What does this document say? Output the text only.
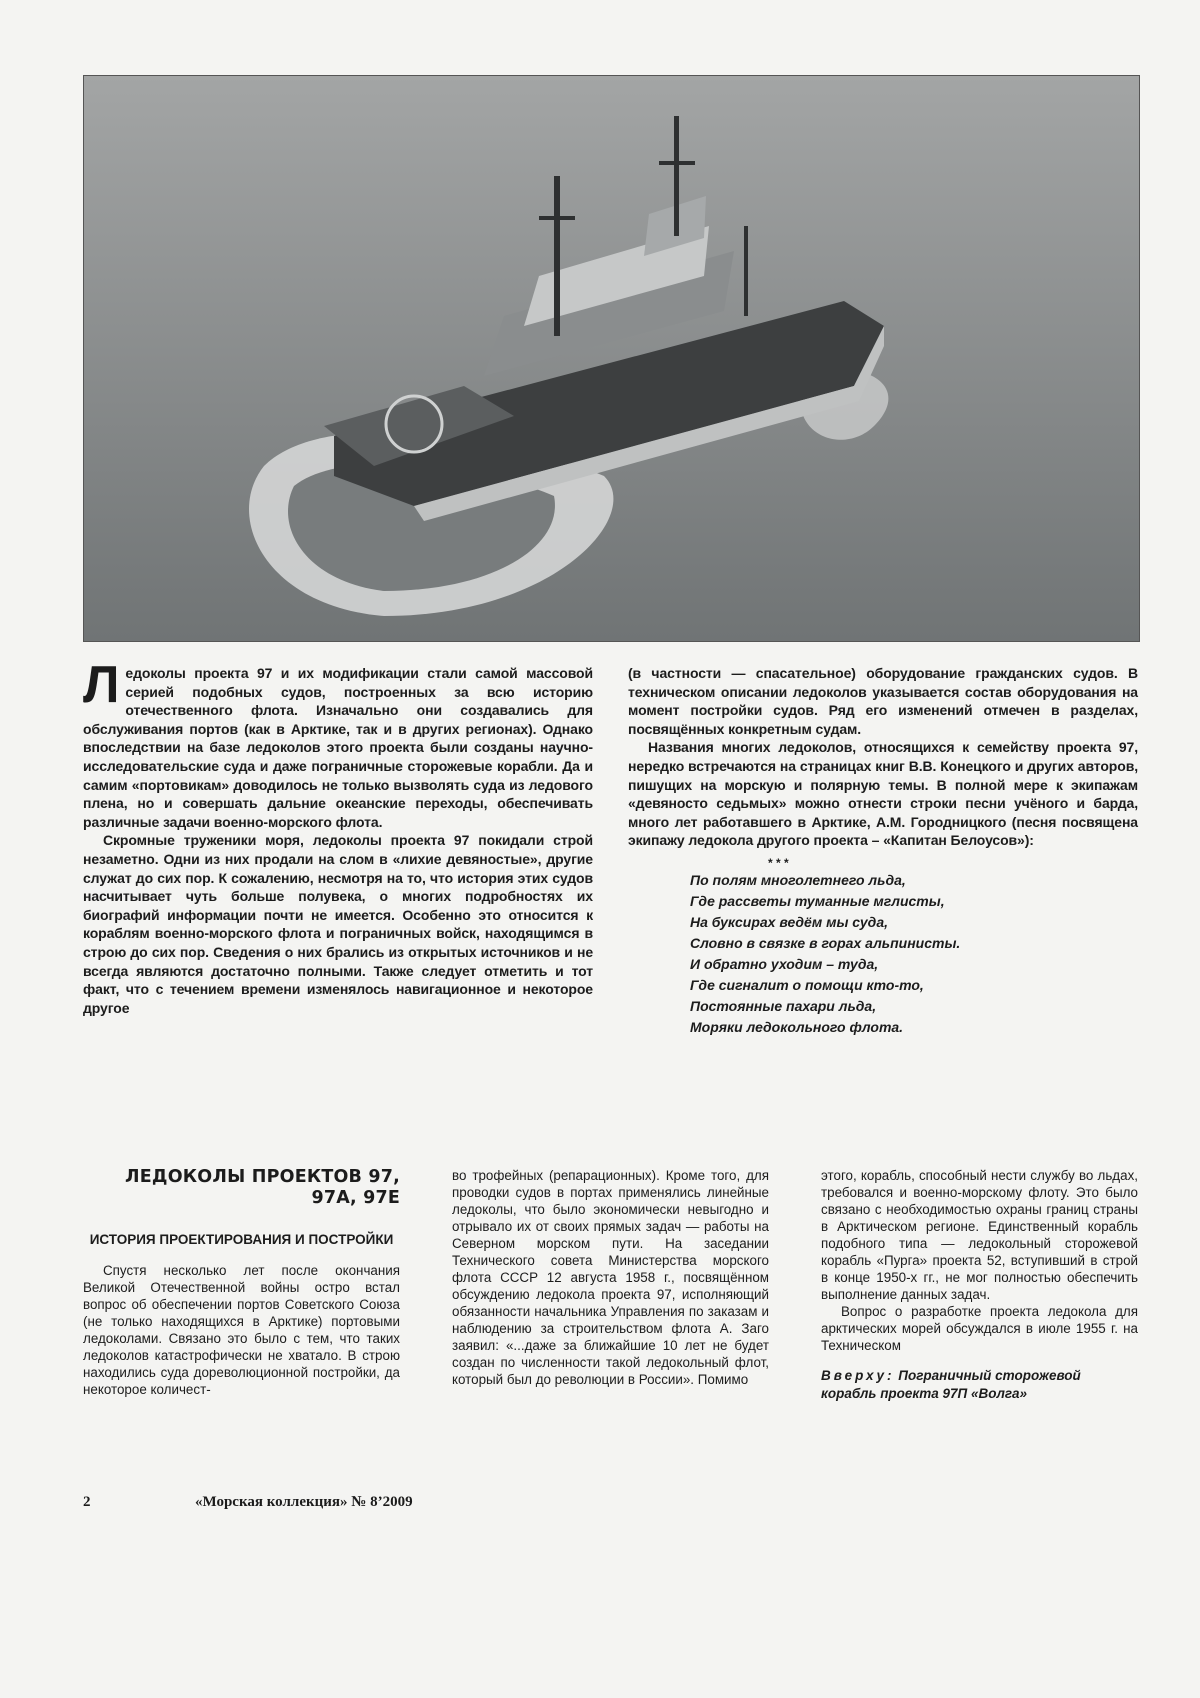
Ледоколы проекта 97 и их модификации стали самой массовой серией подобных судов, построенных за всю историю отечественного флота. Изначально они создавались для обслуживания портов (как в Арктике, так и в других регионах). Однако впоследствии на базе ледоколов этого проекта были созданы научно-исследовательские суда и даже пограничные сторожевые корабли. Да и самим «портовикам» доводилось не только вызволять суда из ледового плена, но и совершать дальние океанские переходы, обеспечивать различные задачи военно-морского флота.

Скромные труженики моря, ледоколы проекта 97 покидали строй незаметно. Одни из них продали на слом в «лихие девяностые», другие служат до сих пор. К сожалению, несмотря на то, что история этих судов насчитывает чуть больше полувека, о многих подробностях их биографий информации почти не имеется. Особенно это относится к кораблям военно-морского флота и пограничных войск, находящимся в строю до сих пор. Сведения о них брались из открытых источников и не всегда являются достаточно полными. Также следует отметить и тот факт, что с течением времени изменялось навигационное и некоторое другое

(в частности — спасательное) оборудование гражданских судов. В техническом описании ледоколов указывается состав оборудования на момент постройки судов. Ряд его изменений отмечен в разделах, посвящённых конкретным судам.

Названия многих ледоколов, относящихся к семейству проекта 97, нередко встречаются на страницах книг В.В. Конецкого и других авторов, пишущих на морскую и полярную темы. В полной мере к экипажам «девяносто седьмых» можно отнести строки песни учёного и барда, много лет работавшего в Арктике, А.М. Городницкого (песня посвящена экипажу ледокола другого проекта – «Капитан Белоусов»):

* * *
По полям многолетнего льда,
Где рассветы туманные мглисты,
На буксирах ведём мы суда,
Словно в связке в горах альпинисты.
И обратно уходим – туда,
Где сигналит о помощи кто-то,
Постоянные пахари льда,
Моряки ледокольного флота.
ЛЕДОКОЛЫ ПРОЕКТОВ 97, 97А, 97Е
ИСТОРИЯ ПРОЕКТИРОВАНИЯ И ПОСТРОЙКИ

Спустя несколько лет после окончания Великой Отечественной войны остро встал вопрос об обеспечении портов Советского Союза (не только находящихся в Арктике) портовыми ледоколами. Связано это было с тем, что таких ледоколов катастрофически не хватало. В строю находились суда дореволюционной постройки, да некоторое количест-

во трофейных (репарационных). Кроме того, для проводки судов в портах применялись линейные ледоколы, что было экономически невыгодно и отрывало их от своих прямых задач — работы на Северном морском пути. На заседании Технического совета Министерства морского флота СССР 12 августа 1958 г., посвящённом обсуждению ледокола проекта 97, исполняющий обязанности начальника Управления по заказам и наблюдению за строительством флота А. Заго заявил: «...даже за ближайшие 10 лет не будет создан по численности такой ледокольный флот, который был до революции в России». Помимо

этого, корабль, способный нести службу во льдах, требовался и военно-морскому флоту. Это было связано с необходимостью охраны границ страны в Арктическом регионе. Единственный корабль подобного типа — ледокольный сторожевой корабль «Пурга» проекта 52, вступивший в строй в конце 1950-х гг., не мог полностью обеспечить выполнение данных задач.

Вопрос о разработке проекта ледокола для арктических морей обсуждался в июле 1955 г. на Техническом

Вверху: Пограничный сторожевой корабль проекта 97П «Волга»
2	«Морская коллекция» № 8’2009
